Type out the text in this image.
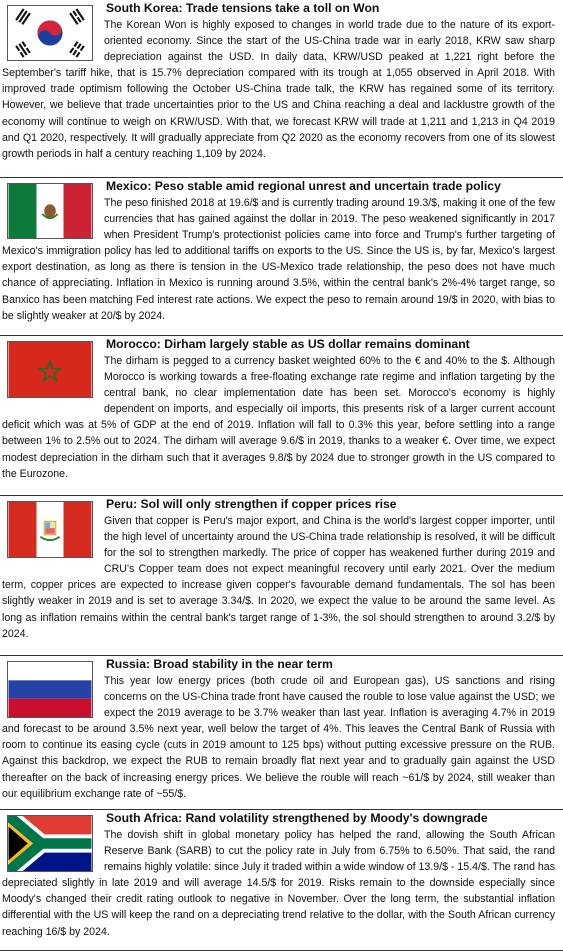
South Korea: Trade tensions take a toll on Won

The Korean Won is highly exposed to changes in world trade due to the nature of its export-oriented economy. Since the start of the US-China trade war in early 2018, KRW saw sharp depreciation against the USD. In daily data, KRW/USD peaked at 1,221 right before the September's tariff hike, that is 15.7% depreciation compared with its trough at 1,055 observed in April 2018. With improved trade optimism following the October US-China trade talk, the KRW has regained some of its territory. However, we believe that trade uncertainties prior to the US and China reaching a deal and lacklustre growth of the economy will continue to weigh on KRW/USD. With that, we forecast KRW will trade at 1,211 and 1,213 in Q4 2019 and Q1 2020, respectively. It will gradually appreciate from Q2 2020 as the economy recovers from one of its slowest growth periods in half a century reaching 1,109 by 2024.

Mexico: Peso stable amid regional unrest and uncertain trade policy

The peso finished 2018 at 19.6/$ and is currently trading around 19.3/$, making it one of the few currencies that has gained against the dollar in 2019. The peso weakened significantly in 2017 when President Trump's protectionist policies came into force and Trump's further targeting of Mexico's immigration policy has led to additional tariffs on exports to the US. Since the US is, by far, Mexico's largest export destination, as long as there is tension in the US-Mexico trade relationship, the peso does not have much chance of appreciating. Inflation in Mexico is running around 3.5%, within the central bank's 2%-4% target range, so Banxico has been matching Fed interest rate actions. We expect the peso to remain around 19/$ in 2020, with bias to be slightly weaker at 20/$ by 2024.

Morocco: Dirham largely stable as US dollar remains dominant

The dirham is pegged to a currency basket weighted 60% to the € and 40% to the $. Although Morocco is working towards a free-floating exchange rate regime and inflation targeting by the central bank, no clear implementation date has been set. Morocco's economy is highly dependent on imports, and especially oil imports, this presents risk of a larger current account deficit which was at 5% of GDP at the end of 2019. Inflation will fall to 0.3% this year, before settling into a range between 1% to 2.5% out to 2024. The dirham will average 9.6/$ in 2019, thanks to a weaker €. Over time, we expect modest depreciation in the dirham such that it averages 9.8/$ by 2024 due to stronger growth in the US compared to the Eurozone.

Peru: Sol will only strengthen if copper prices rise

Given that copper is Peru's major export, and China is the world's largest copper importer, until the high level of uncertainty around the US-China trade relationship is resolved, it will be difficult for the sol to strengthen markedly. The price of copper has weakened further during 2019 and CRU's Copper team does not expect meaningful recovery until early 2021. Over the medium term, copper prices are expected to increase given copper's favourable demand fundamentals. The sol has been slightly weaker in 2019 and is set to average 3.34/$. In 2020, we expect the value to be around the same level. As long as inflation remains within the central bank's target range of 1-3%, the sol should strengthen to around 3.2/$ by 2024.

Russia: Broad stability in the near term

This year low energy prices (both crude oil and European gas), US sanctions and rising concerns on the US-China trade front have caused the rouble to lose value against the USD; we expect the 2019 average to be 3.7% weaker than last year. Inflation is averaging 4.7% in 2019 and forecast to be around 3.5% next year, well below the target of 4%. This leaves the Central Bank of Russia with room to continue its easing cycle (cuts in 2019 amount to 125 bps) without putting excessive pressure on the RUB. Against this backdrop, we expect the RUB to remain broadly flat next year and to gradually gain against the USD thereafter on the back of increasing energy prices. We believe the rouble will reach ~61/$ by 2024, still weaker than our equilibrium exchange rate of ~55/$.

South Africa: Rand volatility strengthened by Moody's downgrade

The dovish shift in global monetary policy has helped the rand, allowing the South African Reserve Bank (SARB) to cut the policy rate in July from 6.75% to 6.50%. That said, the rand remains highly volatile: since July it traded within a wide window of 13.9/$ - 15.4/$. The rand has depreciated slightly in late 2019 and will average 14.5/$ for 2019. Risks remain to the downside especially since Moody's changed their credit rating outlook to negative in November. Over the long term, the substantial inflation differential with the US will keep the rand on a depreciating trend relative to the dollar, with the South African currency reaching 16/$ by 2024.
